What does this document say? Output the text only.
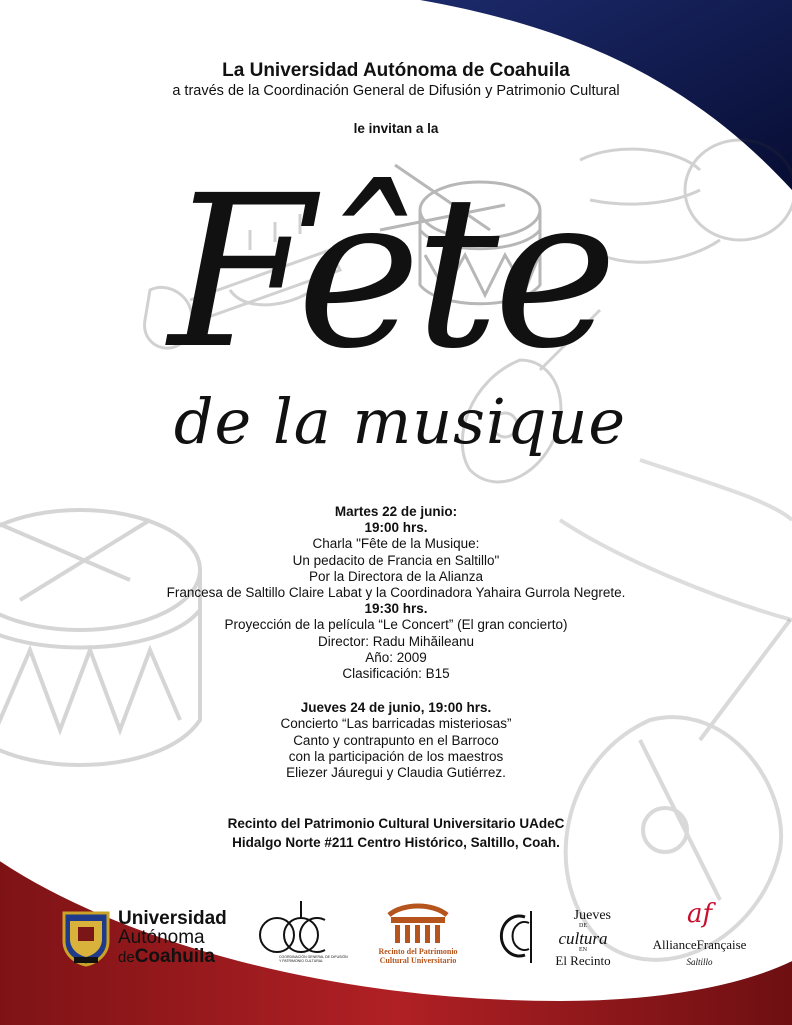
La Universidad Autónoma de Coahuila
a través de la Coordinación General de Difusión y Patrimonio Cultural
le invitan a la
Fête
de la musique
Martes 22 de junio:
19:00 hrs.
Charla "Fête de la Musique:
Un pedacito de Francia en Saltillo"
Por la Directora de la Alianza
Francesa de Saltillo Claire Labat y la Coordinadora Yahaira Gurrola Negrete.
19:30 hrs.
Proyección de la película “Le Concert” (El gran concierto)
Director: Radu Mihăileanu
Año: 2009
Clasificación: B15
Jueves 24 de junio, 19:00 hrs.
Concierto “Las barricadas misteriosas”
Canto y contrapunto en el Barroco
con la participación de los maestros
Eliezer Jáuregui y Claudia Gutiérrez.
Recinto del Patrimonio Cultural Universitario UAdeC
Hidalgo Norte #211 Centro Histórico, Saltillo, Coah.
Universidad
Autónoma
deCoahuila	COORDINACIÓN GENERAL DE DIFUSIÓN Y PATRIMONIO CULTURAL
Recinto del Patrimonio
Cultural Universitario
Jueves
DE
cultura
EN
El Recinto
af
AllianceFrançaise
Saltillo
